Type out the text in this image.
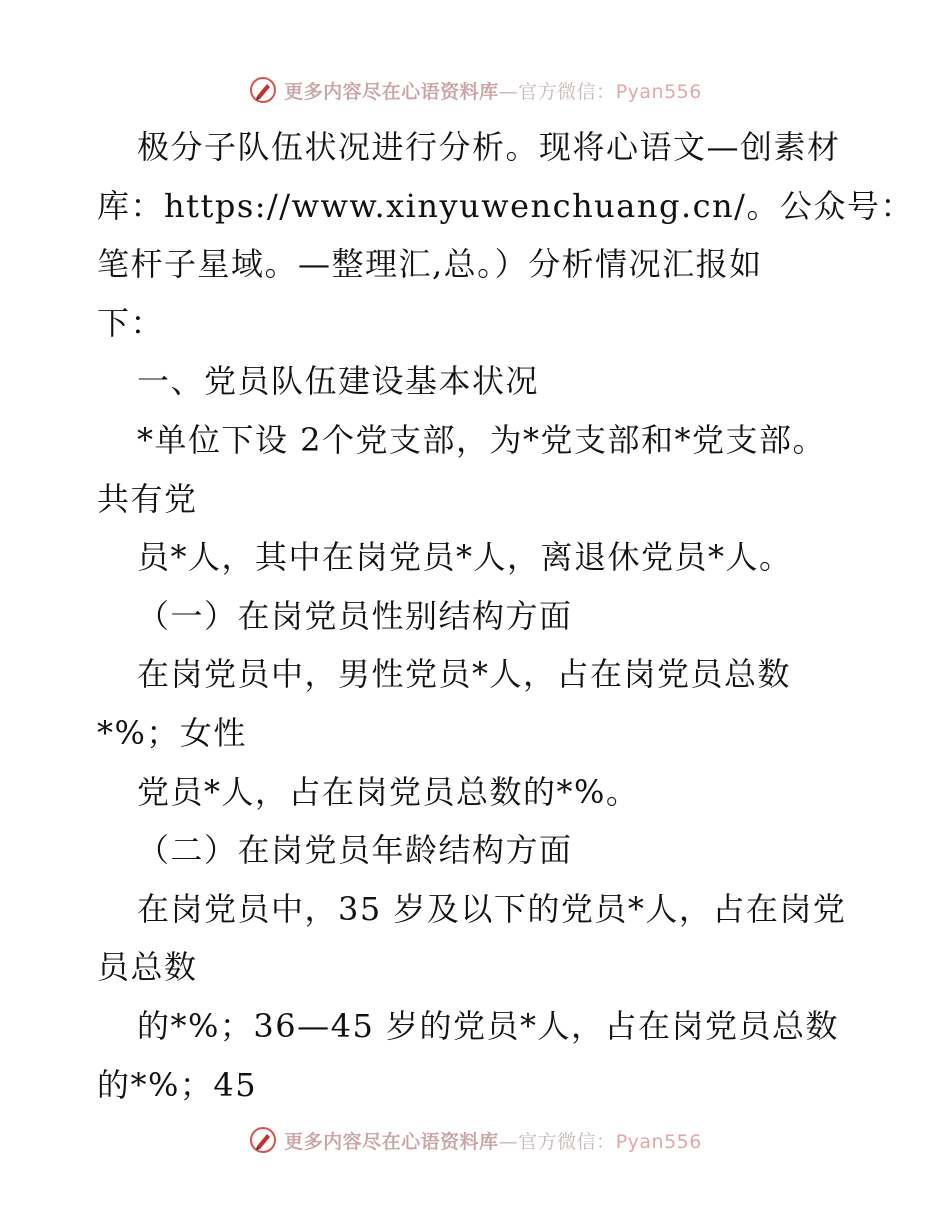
更多内容尽在心语资料库—官方微信：Pyan556
极分子队伍状况进行分析。现将心语文—创素材
库：https://www.xinyuwenchuang.cn/。公众号：
笔杆子星域。—整理汇,总。）分析情况汇报如
下：
一、党员队伍建设基本状况
*单位下设 2个党支部，为*党支部和*党支部。
共有党
员*人，其中在岗党员*人，离退休党员*人。
（一）在岗党员性别结构方面
在岗党员中，男性党员*人，占在岗党员总数
*%；女性
党员*人，占在岗党员总数的*%。
（二）在岗党员年龄结构方面
在岗党员中，35 岁及以下的党员*人，占在岗党
员总数
的*%；36—45 岁的党员*人，占在岗党员总数
的*%；45
更多内容尽在心语资料库—官方微信：Pyan556
